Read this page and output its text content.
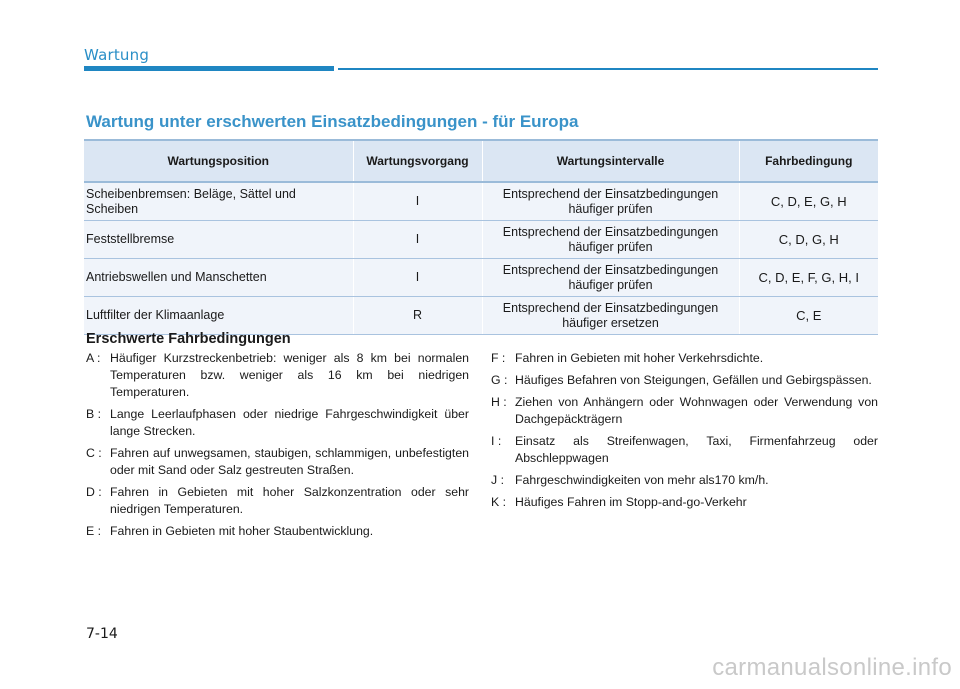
Wartung
Wartung unter erschwerten Einsatzbedingungen - für Europa
Wartungsposition	Wartungsvorgang	Wartungsintervalle	Fahrbedingung
Scheibenbremsen: Beläge, Sättel und Scheiben	I	Entsprechend der Einsatzbedingungen häufiger prüfen	C, D, E, G, H
Feststellbremse	I	Entsprechend der Einsatzbedingungen häufiger prüfen	C, D, G, H
Antriebswellen und Manschetten	I	Entsprechend der Einsatzbedingungen häufiger prüfen	C, D, E, F, G, H, I
Luftfilter der Klimaanlage	R	Entsprechend der Einsatzbedingungen häufiger ersetzen	C, E
Erschwerte Fahrbedingungen
A : Häufiger Kurzstreckenbetrieb: weniger als 8 km bei normalen Temperaturen bzw. weniger als 16 km bei niedrigen Temperaturen.
B : Lange Leerlaufphasen oder niedrige Fahrgeschwindigkeit über lange Strecken.
C : Fahren auf unwegsamen, staubigen, schlammigen, unbefestigten oder mit Sand oder Salz gestreuten Straßen.
D : Fahren in Gebieten mit hoher Salzkonzentration oder sehr niedrigen Temperaturen.
E : Fahren in Gebieten mit hoher Staubentwicklung.
F : Fahren in Gebieten mit hoher Verkehrsdichte.
G : Häufiges Befahren von Steigungen, Gefällen und Gebirgspässen.
H : Ziehen von Anhängern oder Wohnwagen oder Verwendung von Dachgepäckträgern
I :	Einsatz als Streifenwagen, Taxi, Firmenfahrzeug oder Abschleppwagen
J : Fahrgeschwindigkeiten von mehr als170 km/h.
K : Häufiges Fahren im Stopp-and-go-Verkehr
7-14
carmanualsonline.info
